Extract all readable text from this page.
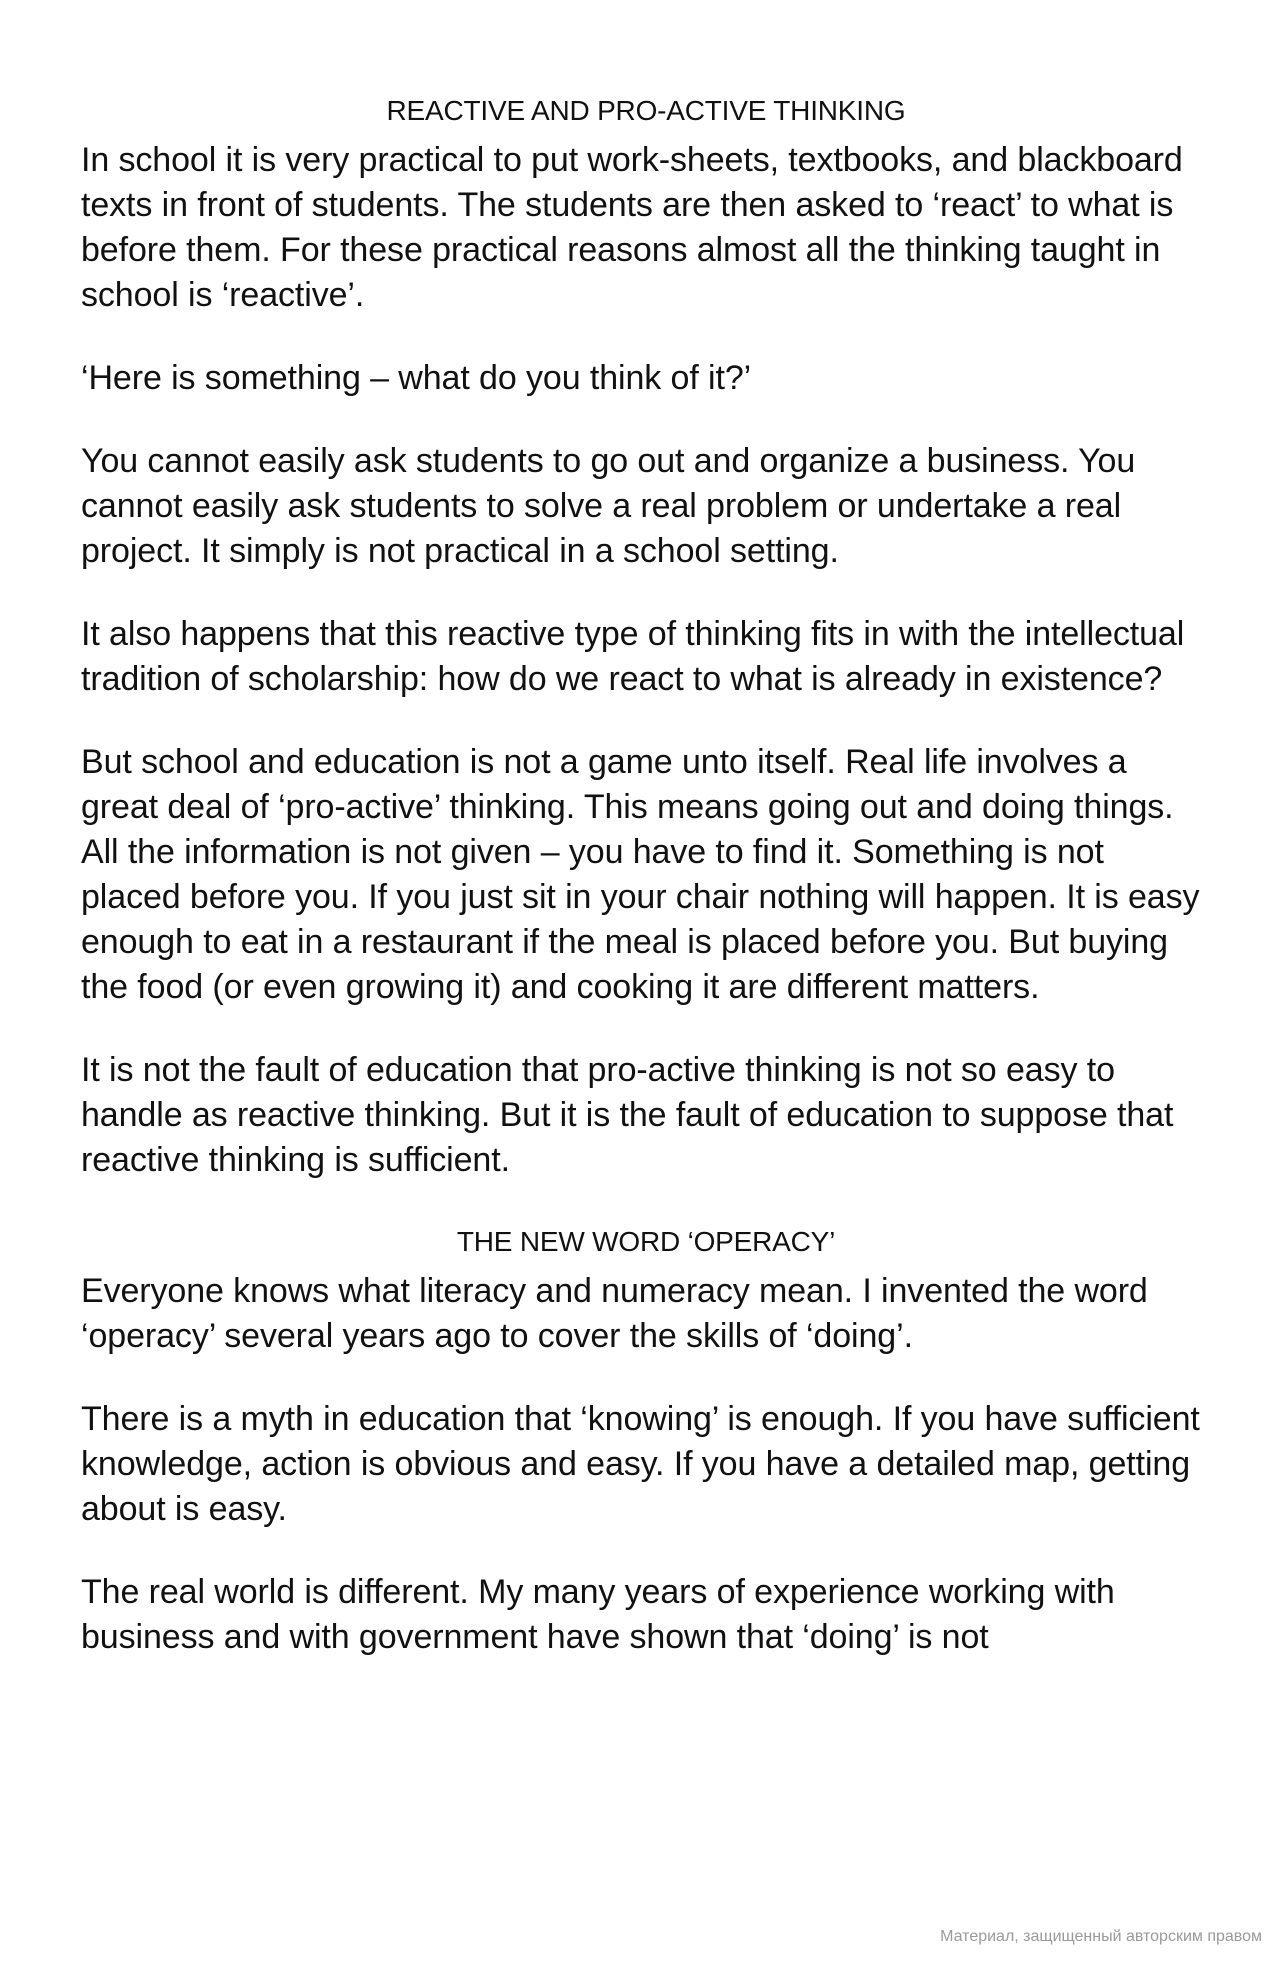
REACTIVE AND PRO-ACTIVE THINKING

In school it is very practical to put work-sheets, textbooks, and blackboard texts in front of students. The students are then asked to ‘react’ to what is before them. For these practical reasons almost all the thinking taught in school is ‘reactive’.

‘Here is something – what do you think of it?’

You cannot easily ask students to go out and organize a business. You cannot easily ask students to solve a real problem or undertake a real project. It simply is not practical in a school setting.

It also happens that this reactive type of thinking fits in with the intellectual tradition of scholarship: how do we react to what is already in existence?

But school and education is not a game unto itself. Real life involves a great deal of ‘pro-active’ thinking. This means going out and doing things. All the information is not given – you have to find it. Something is not placed before you. If you just sit in your chair nothing will happen. It is easy enough to eat in a restaurant if the meal is placed before you. But buying the food (or even growing it) and cooking it are different matters.

It is not the fault of education that pro-active thinking is not so easy to handle as reactive thinking. But it is the fault of education to suppose that reactive thinking is sufficient.

THE NEW WORD ‘OPERACY’

Everyone knows what literacy and numeracy mean. I invented the word ‘operacy’ several years ago to cover the skills of ‘doing’.

There is a myth in education that ‘knowing’ is enough. If you have sufficient knowledge, action is obvious and easy. If you have a detailed map, getting about is easy.

The real world is different. My many years of experience working with business and with government have shown that ‘doing’ is not

Материал, защищенный авторским правом
